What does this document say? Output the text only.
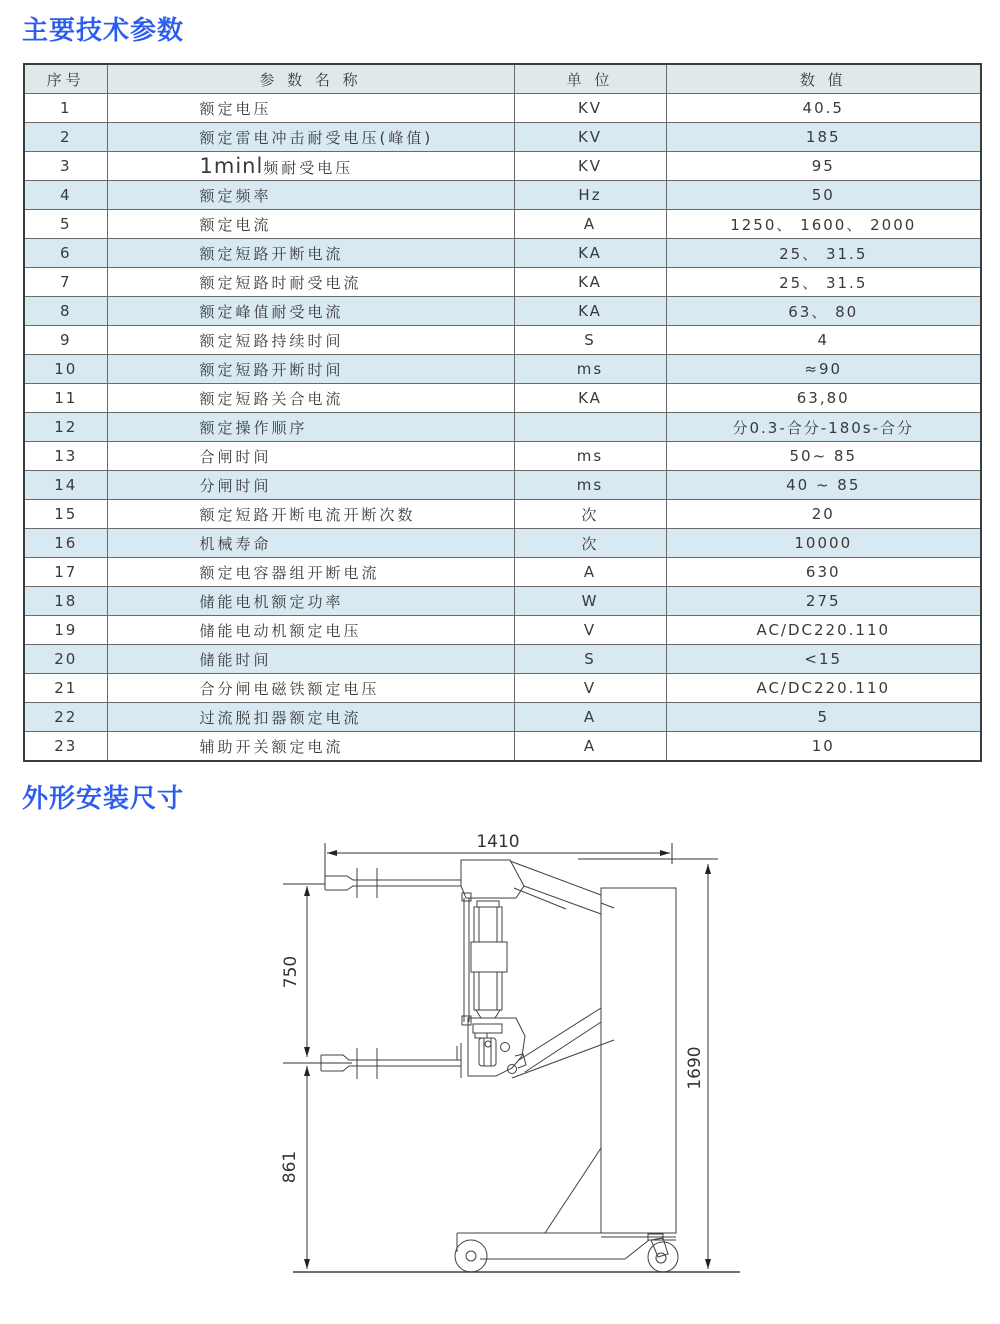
主要技术参数
序号	参 数 名 称	单 位	数 值
1	额定电压	KV	40.5
2	额定雷电冲击耐受电压(峰值)	KV	185
3	1minl频耐受电压	KV	95
4	额定频率	Hz	50
5	额定电流	A	1250、 1600、 2000
6	额定短路开断电流	KA	25、 31.5
7	额定短路时耐受电流	KA	25、 31.5
8	额定峰值耐受电流	KA	63、 80
9	额定短路持续时间	S	4
10	额定短路开断时间	ms	≈90
11	额定短路关合电流	KA	63,80
12	额定操作顺序		分0.3-合分-180s-合分
13	合闸时间	ms	50~ 85
14	分闸时间	ms	40 ~ 85
15	额定短路开断电流开断次数	次	20
16	机械寿命	次	10000
17	额定电容器组开断电流	A	630
18	储能电机额定功率	W	275
19	储能电动机额定电压	V	AC/DC220.110
20	储能时间	S	<15
21	合分闸电磁铁额定电压	V	AC/DC220.110
22	过流脱扣器额定电流	A	5
23	辅助开关额定电流	A	10
外形安装尺寸
1410
750
861
1690
